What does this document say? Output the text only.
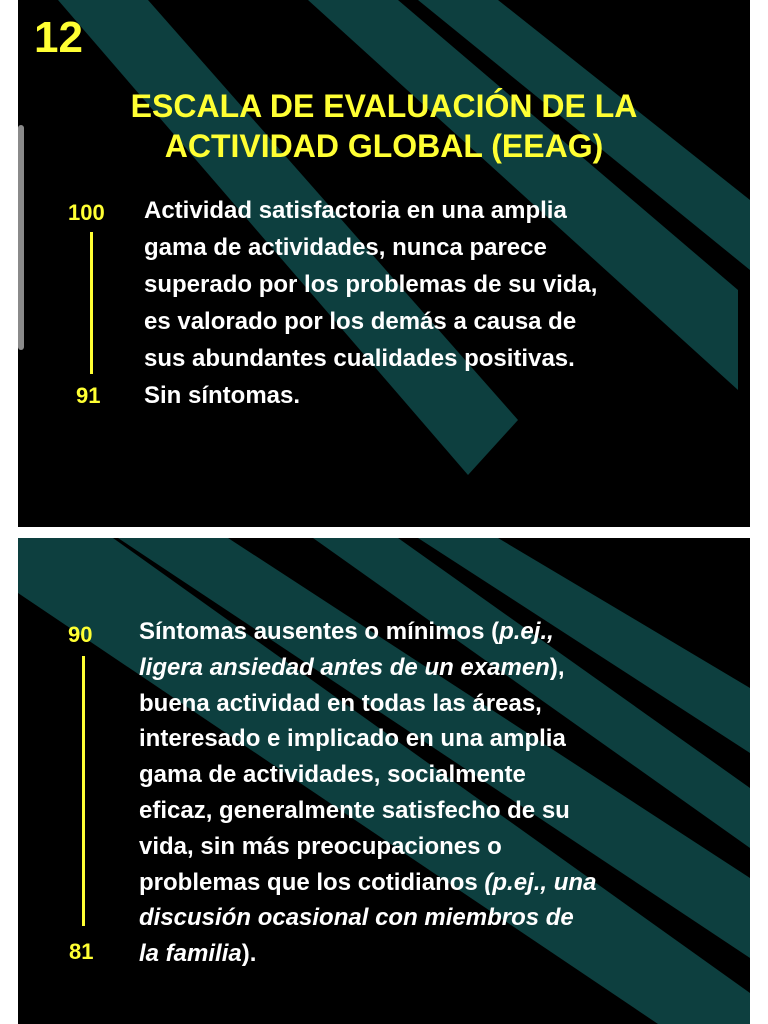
12
ESCALA DE EVALUACIÓN DE LA
ACTIVIDAD GLOBAL (EEAG)
100
91
Actividad satisfactoria en una amplia
gama de actividades, nunca parece
superado por los problemas de su vida,
es valorado por los demás a causa de
sus abundantes cualidades positivas.
Sin síntomas.
90
81
Síntomas ausentes o mínimos (p.ej.,
ligera ansiedad antes de un examen),
buena actividad en todas las áreas,
interesado e implicado en una amplia
gama de actividades, socialmente
eficaz, generalmente satisfecho de su
vida, sin más preocupaciones o
problemas que los cotidianos (p.ej., una
discusión ocasional con miembros de
la familia).
